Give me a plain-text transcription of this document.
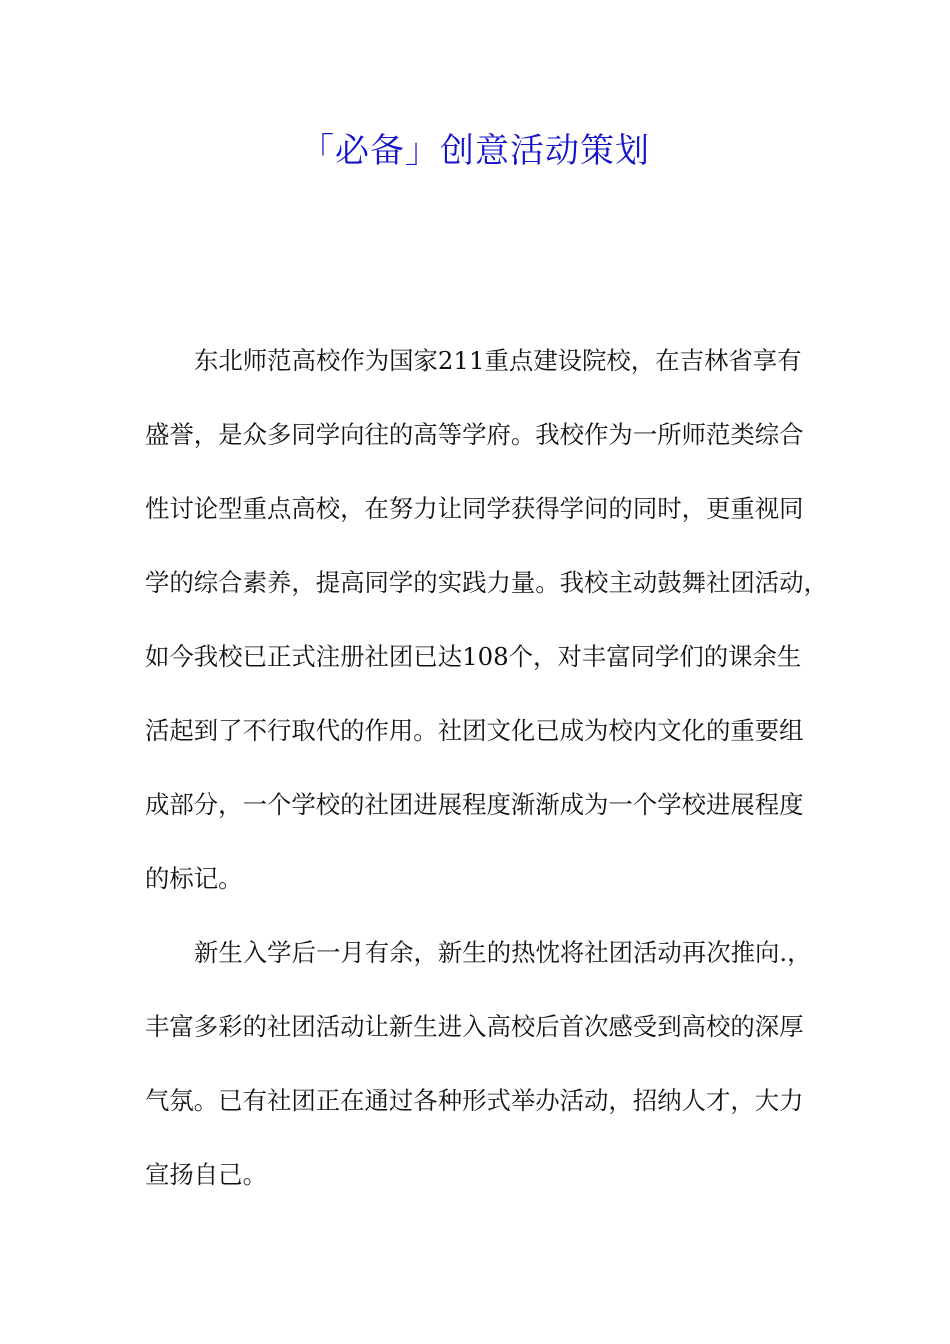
「必备」创意活动策划
东北师范高校作为国家211重点建设院校，在吉林省享有
盛誉，是众多同学向往的高等学府。我校作为一所师范类综合
性讨论型重点高校，在努力让同学获得学问的同时，更重视同
学的综合素养，提高同学的实践力量。我校主动鼓舞社团活动，
如今我校已正式注册社团已达108个，对丰富同学们的课余生
活起到了不行取代的作用。社团文化已成为校内文化的重要组
成部分，一个学校的社团进展程度渐渐成为一个学校进展程度
的标记。
新生入学后一月有余，新生的热忱将社团活动再次推向.，
丰富多彩的社团活动让新生进入高校后首次感受到高校的深厚
气氛。已有社团正在通过各种形式举办活动，招纳人才，大力
宣扬自己。
